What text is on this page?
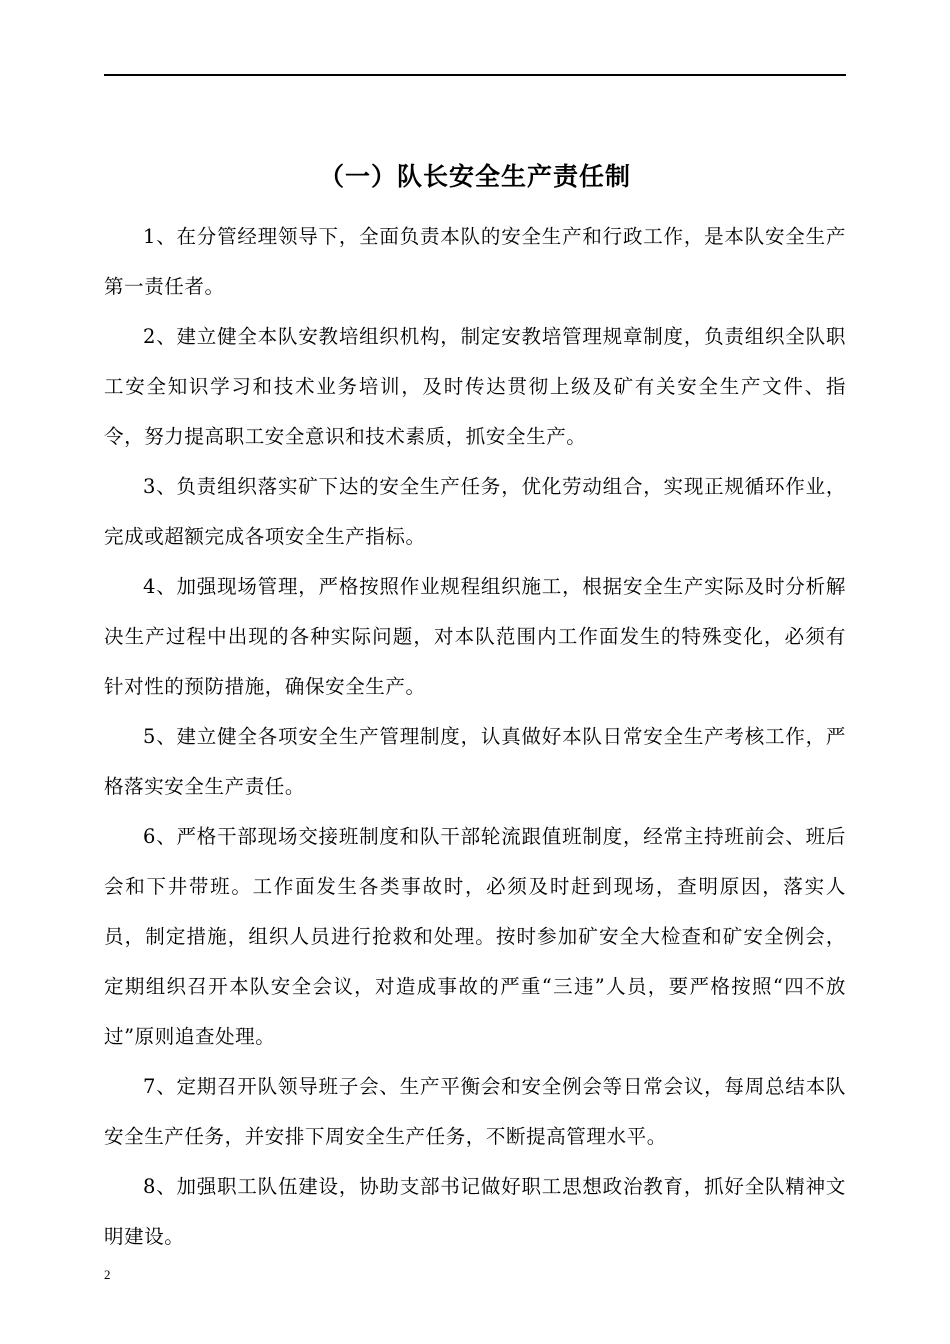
（一）队长安全生产责任制

1、在分管经理领导下，全面负责本队的安全生产和行政工作，是本队安全生产第一责任者。

2、建立健全本队安教培组织机构，制定安教培管理规章制度，负责组织全队职工安全知识学习和技术业务培训，及时传达贯彻上级及矿有关安全生产文件、指令，努力提高职工安全意识和技术素质，抓安全生产。

3、负责组织落实矿下达的安全生产任务，优化劳动组合，实现正规循环作业，完成或超额完成各项安全生产指标。

4、加强现场管理，严格按照作业规程组织施工，根据安全生产实际及时分析解决生产过程中出现的各种实际问题，对本队范围内工作面发生的特殊变化，必须有针对性的预防措施，确保安全生产。

5、建立健全各项安全生产管理制度，认真做好本队日常安全生产考核工作，严格落实安全生产责任。

6、严格干部现场交接班制度和队干部轮流跟值班制度，经常主持班前会、班后会和下井带班。工作面发生各类事故时，必须及时赶到现场，查明原因，落实人员，制定措施，组织人员进行抢救和处理。按时参加矿安全大检查和矿安全例会，定期组织召开本队安全会议，对造成事故的严重“三违”人员，要严格按照“四不放过”原则追查处理。

7、定期召开队领导班子会、生产平衡会和安全例会等日常会议，每周总结本队安全生产任务，并安排下周安全生产任务，不断提高管理水平。

8、加强职工队伍建设，协助支部书记做好职工思想政治教育，抓好全队精神文明建设。

2
